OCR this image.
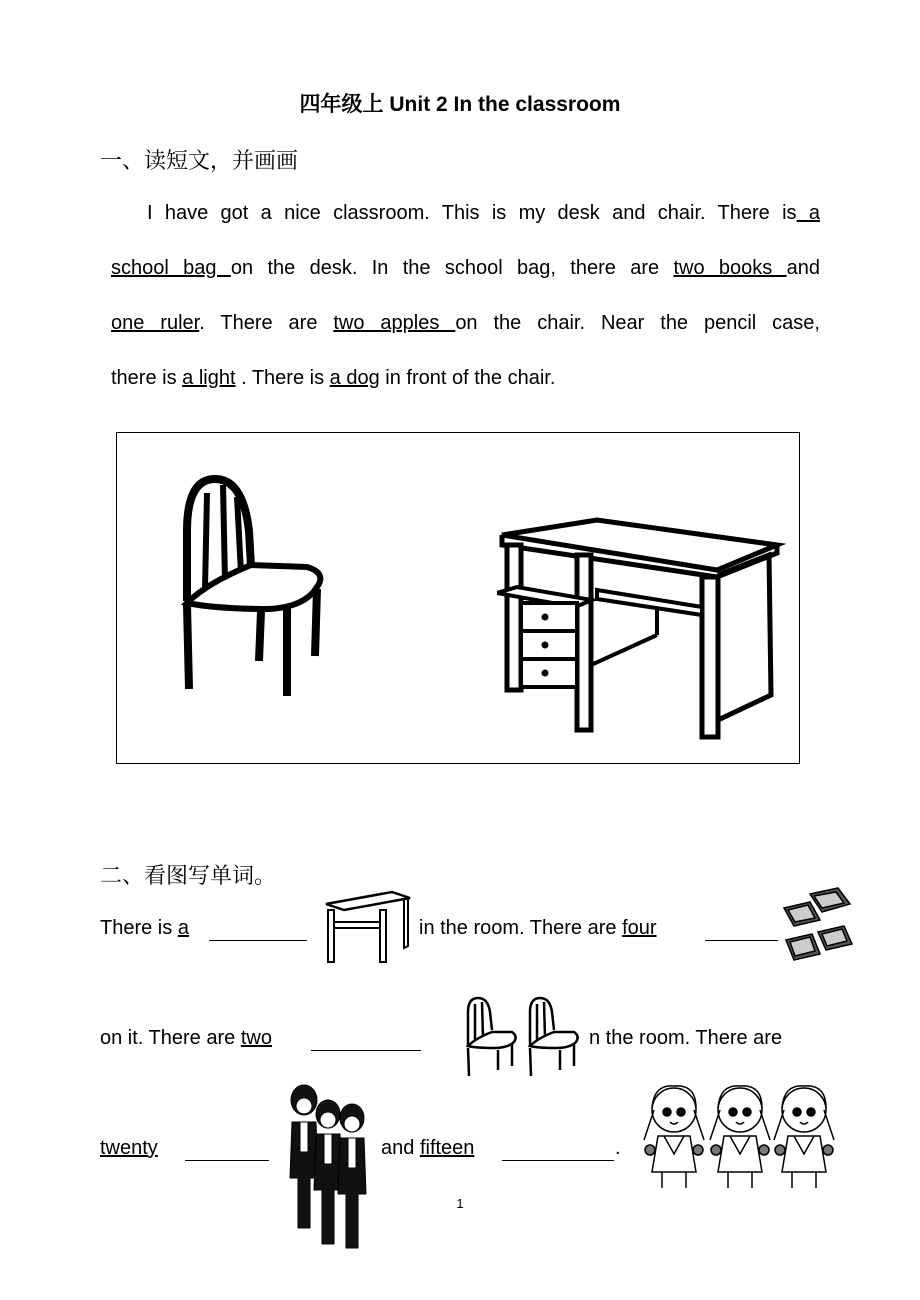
四年级上 Unit 2 In the classroom
一、读短文，并画画
I have got a nice classroom. This is my desk and chair. There is a
school bag on the desk. In the school bag, there are two books and
one ruler. There are two apples on the chair. Near the pencil case,
there is a light . There is a dog in front of the chair.
二、看图写单词。
There is a	in the room. There are four
on it. There are two	n the room. There are
twenty	and fifteen	.
1
